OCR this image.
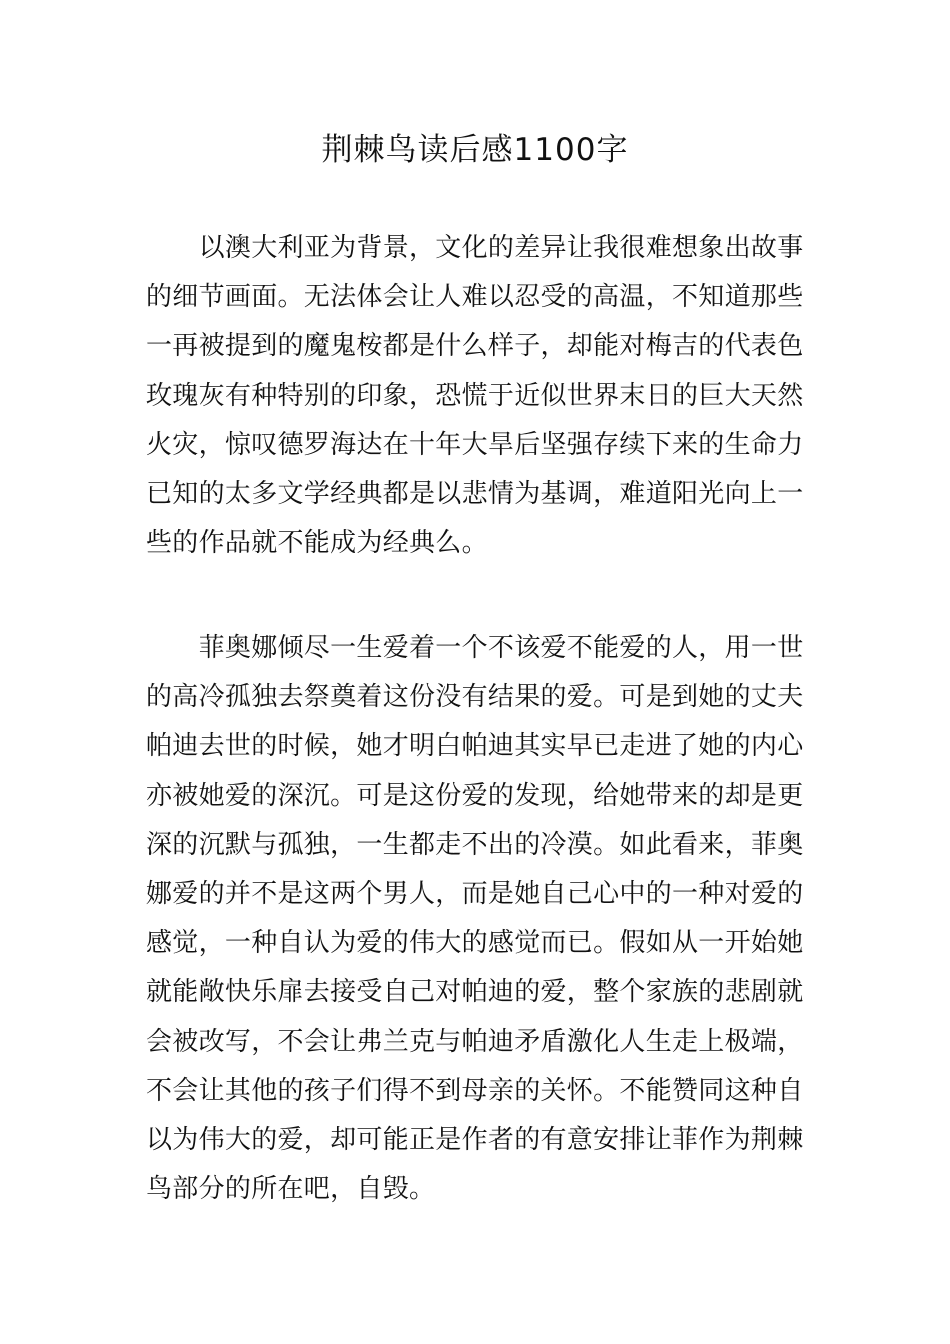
荆棘鸟读后感1100字
　　以澳大利亚为背景，文化的差异让我很难想象出故事
的细节画面。无法体会让人难以忍受的高温，不知道那些
一再被提到的魔鬼桉都是什么样子，却能对梅吉的代表色
玫瑰灰有种特别的印象，恐慌于近似世界末日的巨大天然
火灾，惊叹德罗海达在十年大旱后坚强存续下来的生命力
已知的太多文学经典都是以悲情为基调，难道阳光向上一
些的作品就不能成为经典么。
　　菲奥娜倾尽一生爱着一个不该爱不能爱的人，用一世
的高冷孤独去祭奠着这份没有结果的爱。可是到她的丈夫
帕迪去世的时候，她才明白帕迪其实早已走进了她的内心
亦被她爱的深沉。可是这份爱的发现，给她带来的却是更
深的沉默与孤独，一生都走不出的冷漠。如此看来，菲奥
娜爱的并不是这两个男人，而是她自己心中的一种对爱的
感觉，一种自认为爱的伟大的感觉而已。假如从一开始她
就能敞快乐扉去接受自己对帕迪的爱，整个家族的悲剧就
会被改写，不会让弗兰克与帕迪矛盾激化人生走上极端，
不会让其他的孩子们得不到母亲的关怀。不能赞同这种自
以为伟大的爱，却可能正是作者的有意安排让菲作为荆棘
鸟部分的所在吧，自毁。
